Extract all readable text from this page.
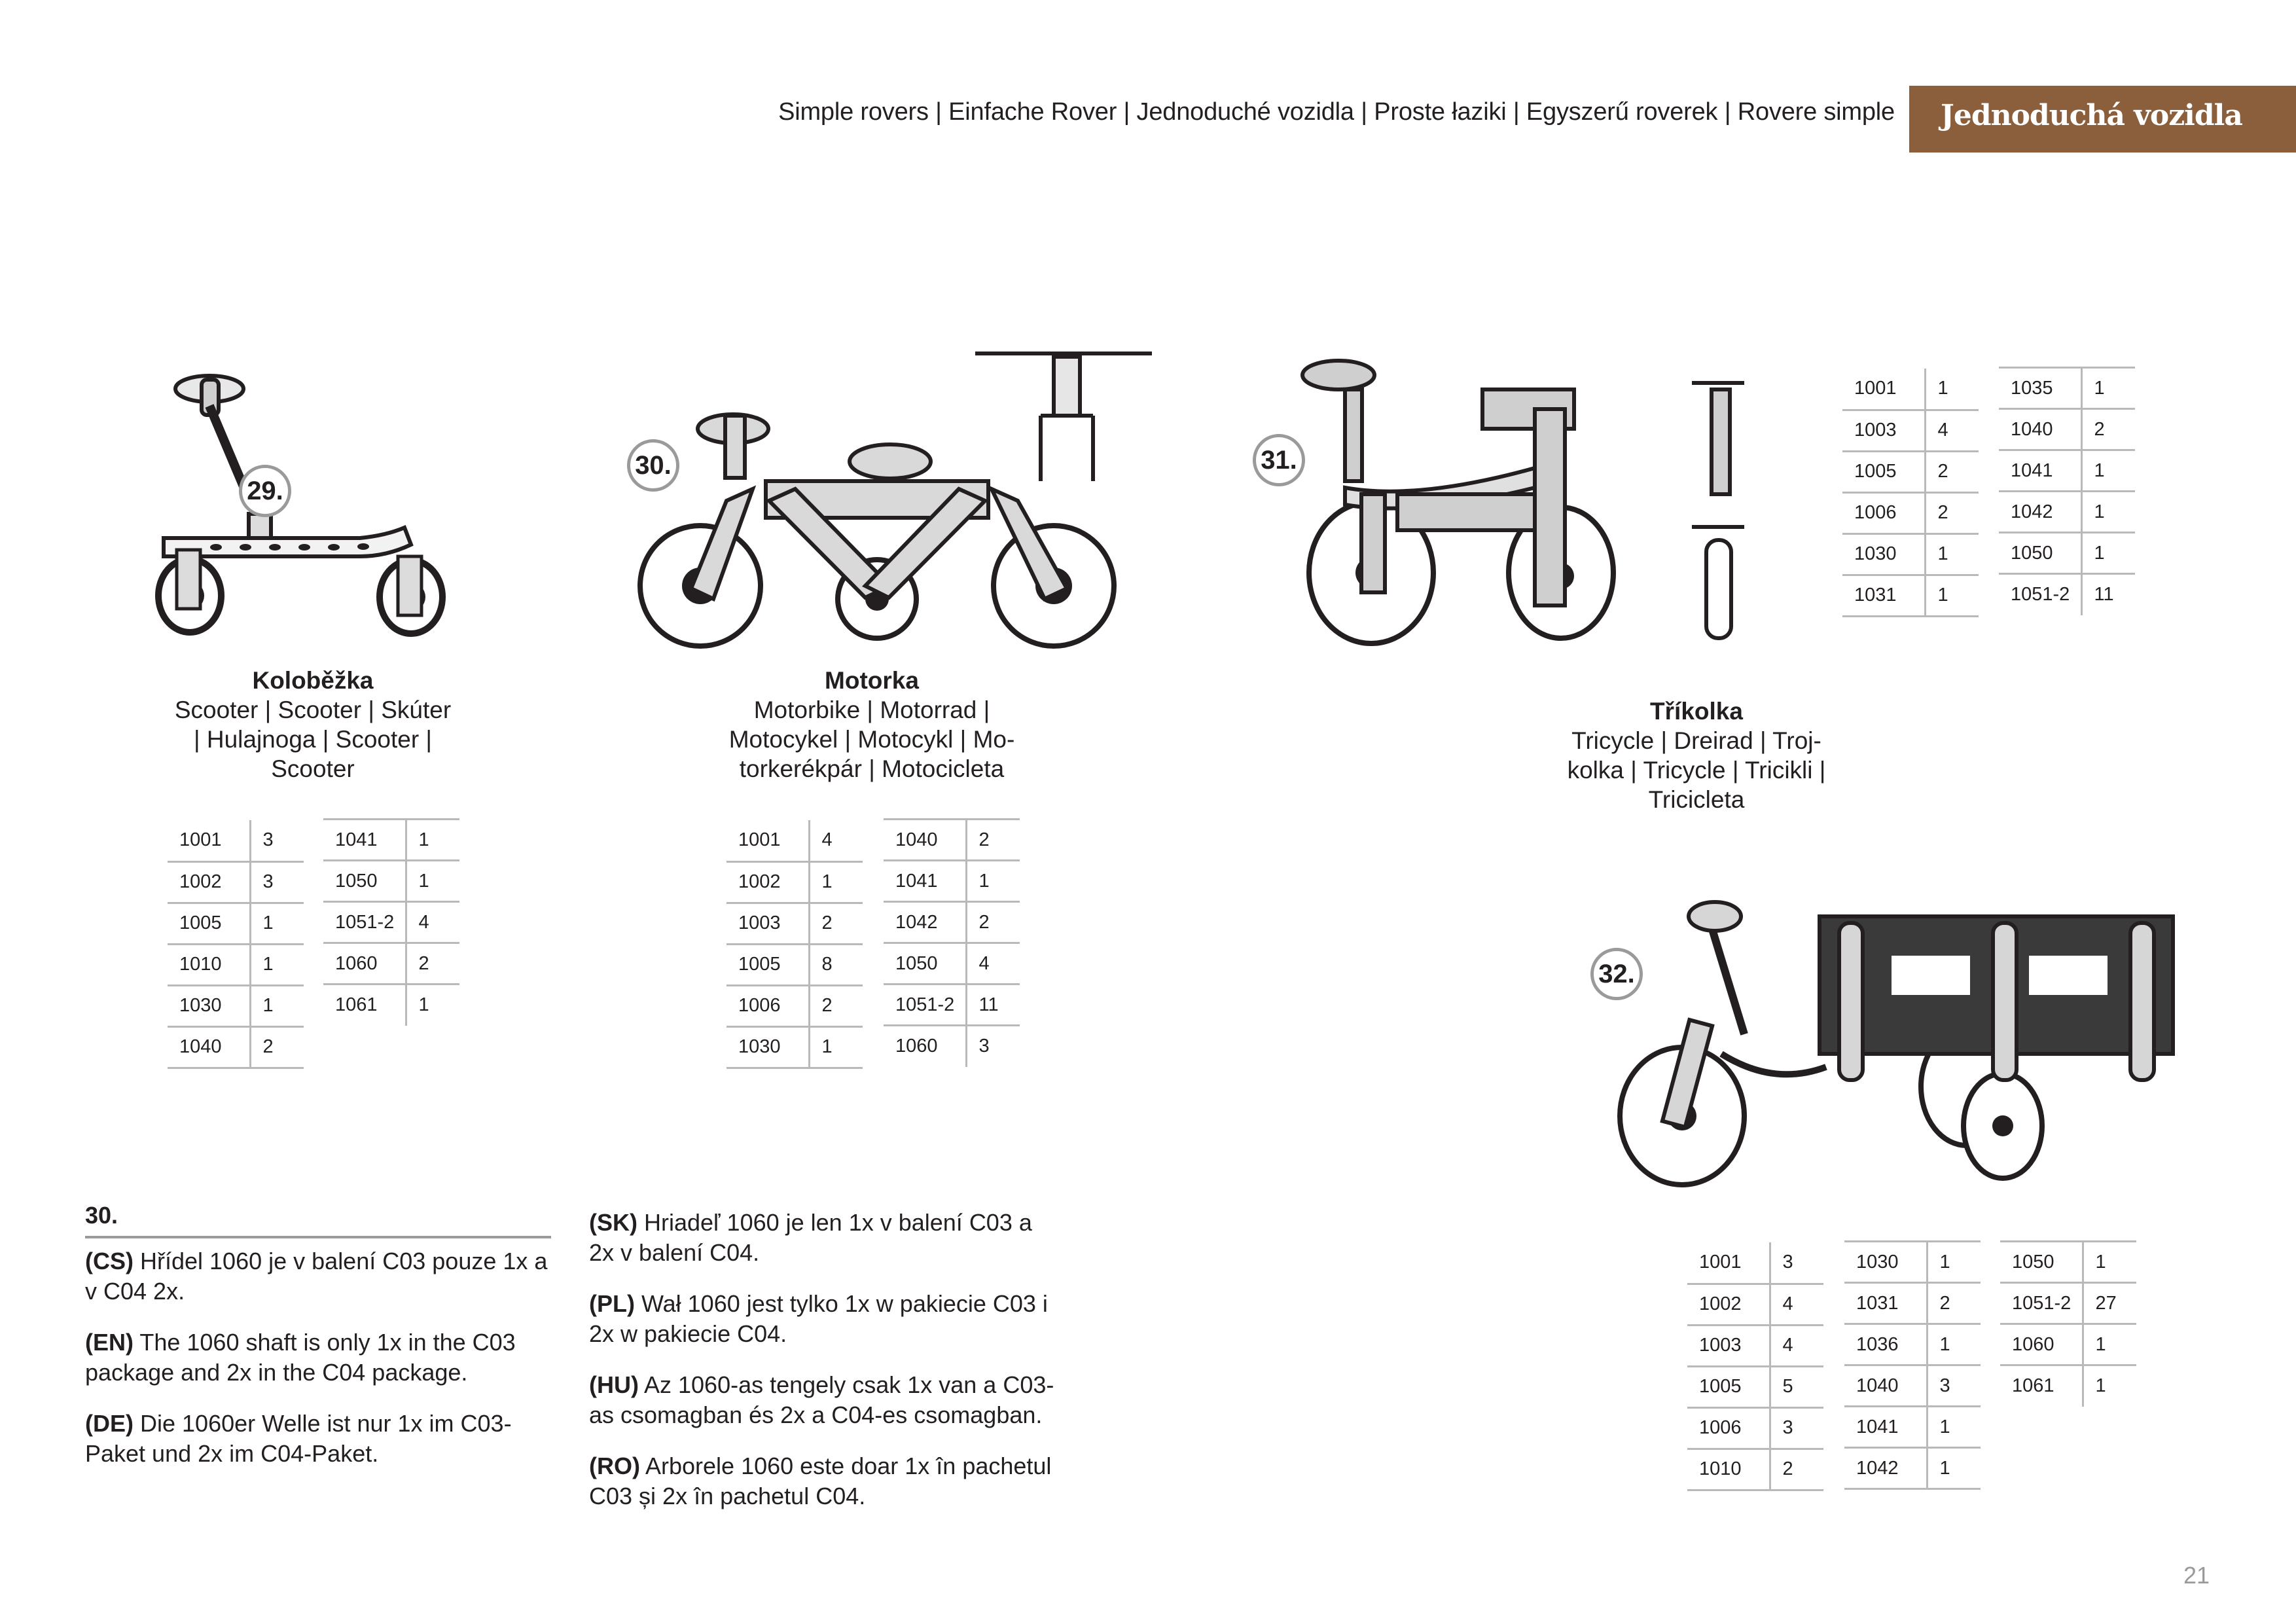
Simple rovers | Einfache Rover | Jednoduché vozidla | Proste łaziki | Egyszerű roverek | Rovere simple Jednoduchá vozidla
29.
30.	31.
32.
Koloběžka
Scooter | Scooter | Skúter
| Hulajnoga | Scooter |
Scooter
Motorka
Motorbike | Motorrad |
Motocykel | Motocykl | Mo-
torkerékpár | Motocicleta
Tříkolka
Tricycle | Dreirad | Troj-
kolka | Tricycle | Tricikli |
Tricicleta
1001	3
1002	3
1005	1
1010	1
1030	1
1040	2
1041	1
1050	1
1051-2	4
1060	2
1061	1
1001	4
1002	1
1003	2
1005	8
1006	2
1030	1
1040	2
1041	1
1042	2
1050	4
1051-2	11
1060	3
1001	1
1003	4
1005	2
1006	2
1030	1
1031	1
1035	1
1040	2
1041	1
1042	1
1050	1
1051-2	11
1001	3
1002	4
1003	4
1005	5
1006	3
1010	2
1030	1
1031	2
1036	1
1040	3
1041	1
1042	1
1050	1
1051-2	27
1060	1
1061	1
30.

(CS) Hřídel 1060 je v balení C03 pouze 1x a v C04 2x.

(EN) The 1060 shaft is only 1x in the C03 package and 2x in the C04 package.

(DE) Die 1060er Welle ist nur 1x im C03-Paket und 2x im C04-Paket.

(SK) Hriadeľ 1060 je len 1x v balení C03 a 2x v balení C04.

(PL) Wał 1060 jest tylko 1x w pakiecie C03 i 2x w pakiecie C04.

(HU) Az 1060-as tengely csak 1x van a C03-as csomagban és 2x a C04-es csomagban.

(RO) Arborele 1060 este doar 1x în pachetul C03 și 2x în pachetul C04.

21
